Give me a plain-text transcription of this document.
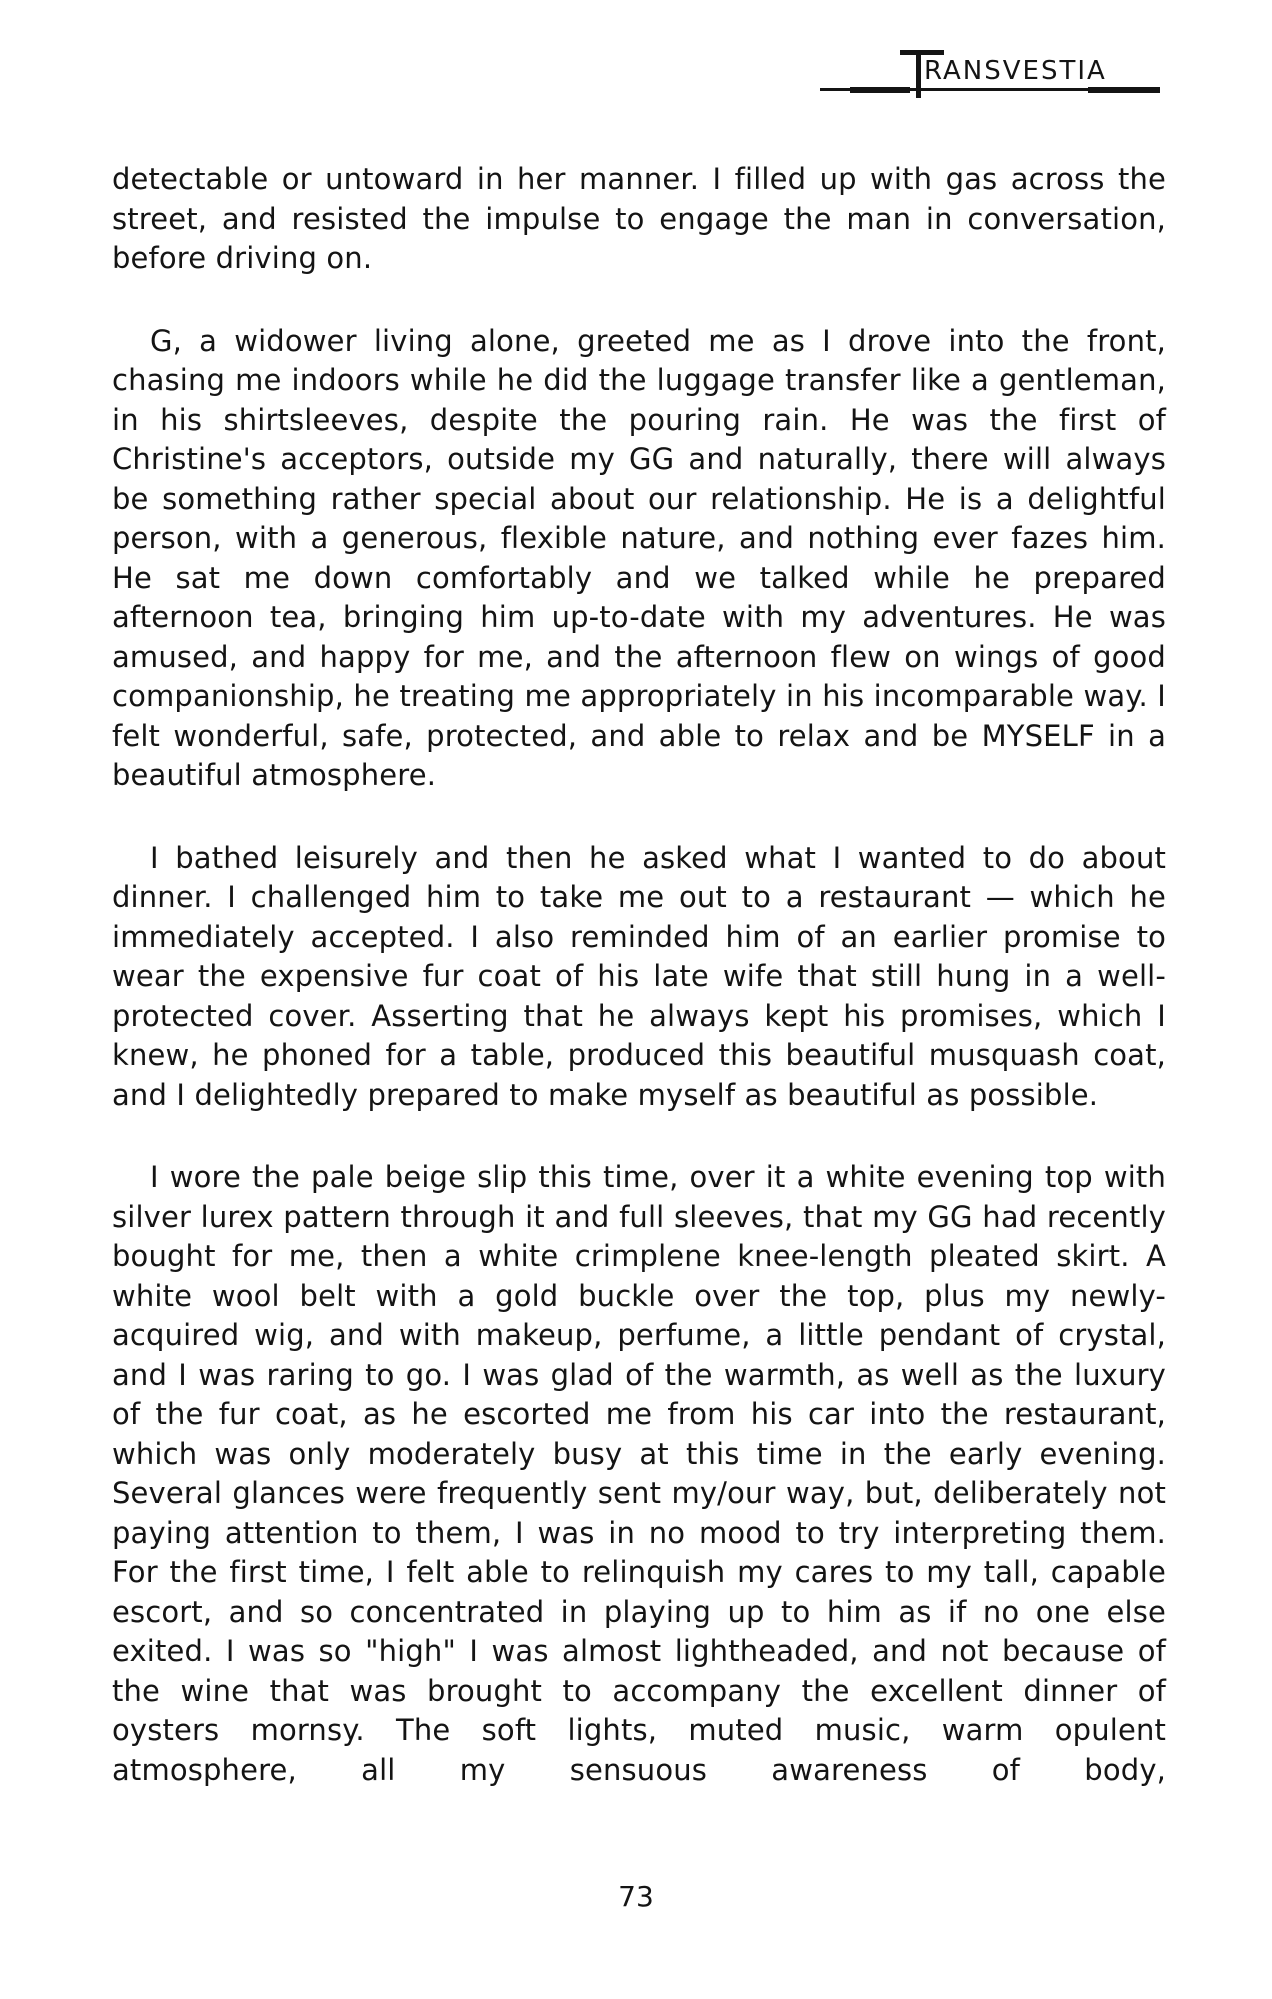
RANSVESTIA

detectable or untoward in her manner. I filled up with gas across the street, and resisted the impulse to engage the man in conversation, before driving on.

G, a widower living alone, greeted me as I drove into the front, chasing me indoors while he did the luggage transfer like a gentleman, in his shirtsleeves, despite the pouring rain. He was the first of Christine's acceptors, outside my GG and naturally, there will always be something rather special about our relationship. He is a delightful person, with a generous, flexible nature, and nothing ever fazes him. He sat me down comfortably and we talked while he prepared afternoon tea, bringing him up-to-date with my adventures. He was amused, and happy for me, and the afternoon flew on wings of good companionship, he treating me appropriately in his incomparable way. I felt wonderful, safe, protected, and able to relax and be MYSELF in a beautiful atmosphere.

I bathed leisurely and then he asked what I wanted to do about dinner. I challenged him to take me out to a restaurant — which he immediately accepted. I also reminded him of an earlier promise to wear the expensive fur coat of his late wife that still hung in a well-protected cover. Asserting that he always kept his promises, which I knew, he phoned for a table, produced this beautiful musquash coat, and I delightedly prepared to make myself as beautiful as possible.

I wore the pale beige slip this time, over it a white evening top with silver lurex pattern through it and full sleeves, that my GG had recently bought for me, then a white crimplene knee-length pleated skirt. A white wool belt with a gold buckle over the top, plus my newly-acquired wig, and with makeup, perfume, a little pendant of crystal, and I was raring to go. I was glad of the warmth, as well as the luxury of the fur coat, as he escorted me from his car into the restaurant, which was only moderately busy at this time in the early evening. Several glances were frequently sent my/our way, but, deliberately not paying attention to them, I was in no mood to try interpreting them. For the first time, I felt able to relinquish my cares to my tall, capable escort, and so concentrated in playing up to him as if no one else exited. I was so "high" I was almost lightheaded, and not because of the wine that was brought to accompany the excellent dinner of oysters mornsy. The soft lights, muted music, warm opulent atmosphere, all my sensuous awareness of body,

73
